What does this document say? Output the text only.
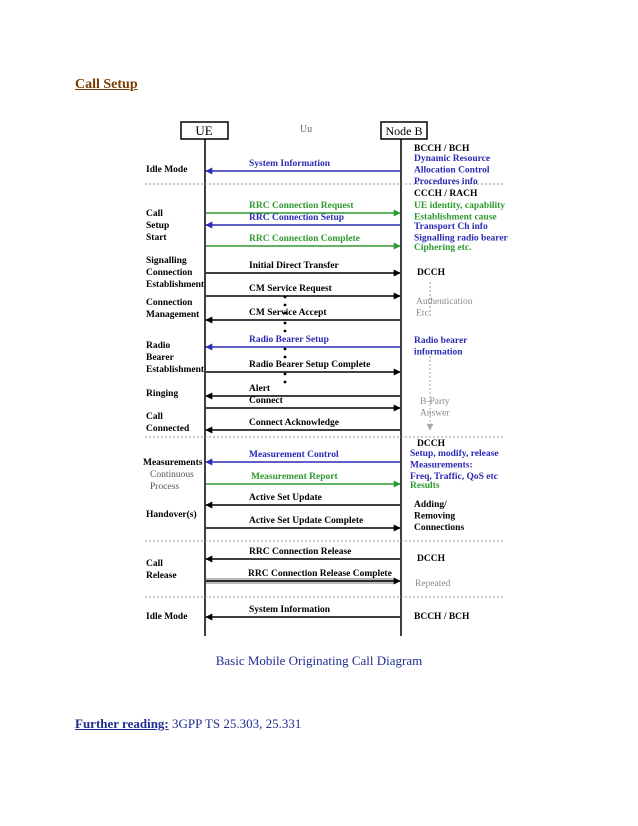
Call Setup
UE	Uu	Node B
System Information
RRC Connection Request
RRC Connection Setup
RRC Connection Complete
Initial Direct Transfer
CM Service Request
CM Service Accept
Radio Bearer Setup
Radio Bearer Setup Complete
Alert
Connect
Connect Acknowledge
Measurement Control
Measurement Report
Active Set Update
Active Set Update Complete
RRC Connection Release
RRC Connection Release Complete
System Information
Idle Mode
Call Setup Start
Signalling Connection Establishment
Connection Management
Radio Bearer Establishment
Ringing
Call Connected
Measurements
Continuous Process
Handover(s)
Call Release
Idle Mode
BCCH / BCH
Dynamic Resource Allocation Control Procedures info
CCCH / RACH
UE identity, capability Establishment cause
Transport Ch info Signalling radio bearer
Ciphering etc.
DCCH
Authentication Etc.
Radio bearer information
B-Party Answer
DCCH
Setup, modify, release Measurements: Freq, Traffic, QoS etc
Results
Adding/ Removing Connections
DCCH
Repeated
BCCH / BCH
Basic Mobile Originating Call Diagram
Further reading: 3GPP TS 25.303, 25.331
